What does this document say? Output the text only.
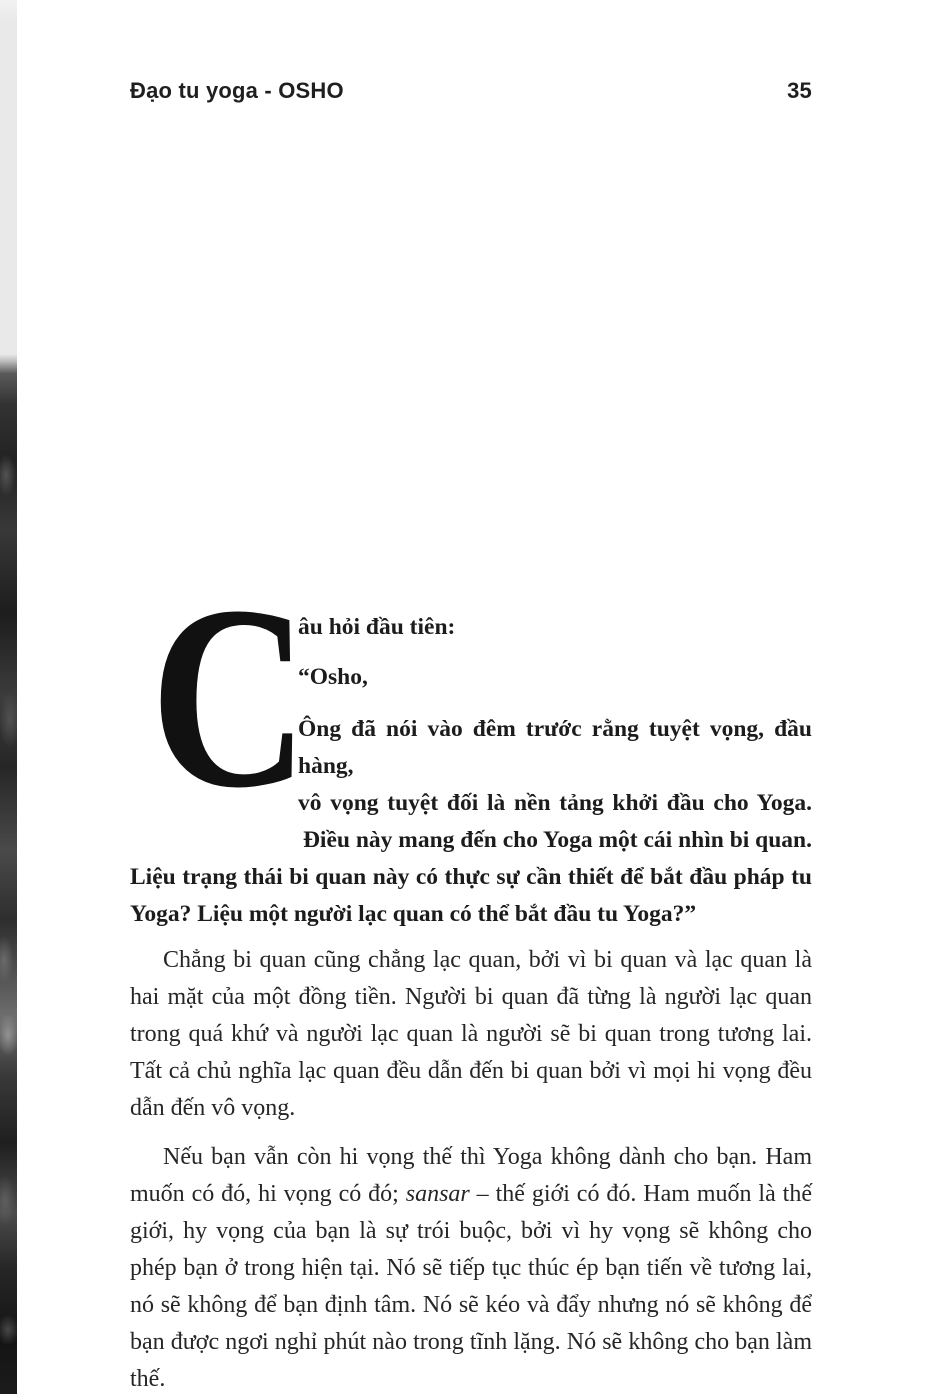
Đạo tu yoga - OSHO	35
C
âu hỏi đầu tiên:
“Osho,
Ông đã nói vào đêm trước rằng tuyệt vọng, đầu hàng,
vô vọng tuyệt đối là nền tảng khởi đầu cho Yoga.
Điều này mang đến cho Yoga một cái nhìn bi quan.
Liệu trạng thái bi quan này có thực sự cần thiết để bắt đầu pháp tu
Yoga? Liệu một người lạc quan có thể bắt đầu tu Yoga?”

Chẳng bi quan cũng chẳng lạc quan, bởi vì bi quan và lạc quan là hai mặt của một đồng tiền. Người bi quan đã từng là người lạc quan trong quá khứ và người lạc quan là người sẽ bi quan trong tương lai. Tất cả chủ nghĩa lạc quan đều dẫn đến bi quan bởi vì mọi hi vọng đều dẫn đến vô vọng.

Nếu bạn vẫn còn hi vọng thế thì Yoga không dành cho bạn. Ham muốn có đó, hi vọng có đó; sansar – thế giới có đó. Ham muốn là thế giới, hy vọng của bạn là sự trói buộc, bởi vì hy vọng sẽ không cho phép bạn ở trong hiện tại. Nó sẽ tiếp tục thúc ép bạn tiến về tương lai, nó sẽ không để bạn định tâm. Nó sẽ kéo và đẩy nhưng nó sẽ không để bạn được ngơi nghỉ phút nào trong tĩnh lặng. Nó sẽ không cho bạn làm thế.
